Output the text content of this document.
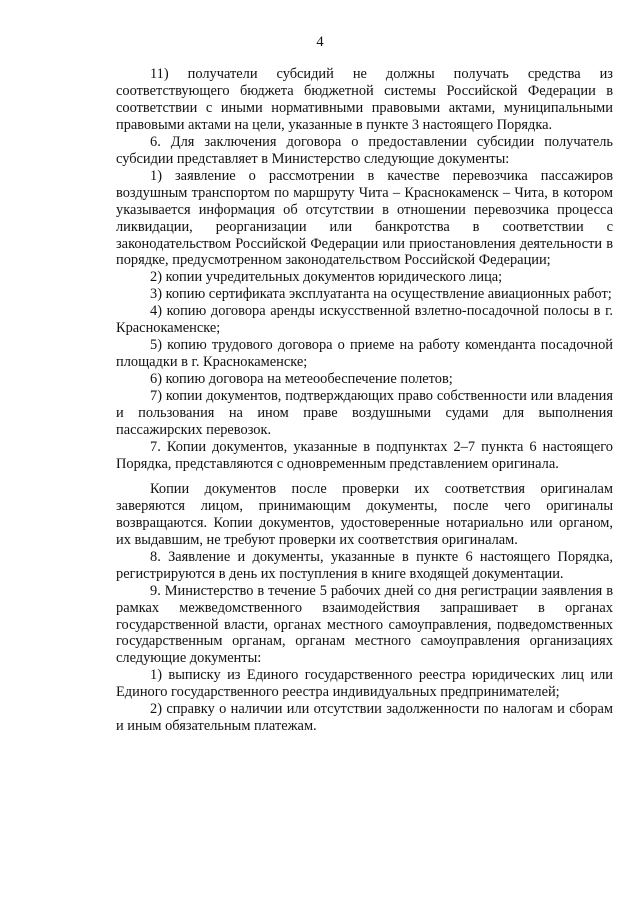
4

11) получатели субсидий не должны получать средства из соответствующего бюджета бюджетной системы Российской Федерации в соответствии с иными нормативными правовыми актами, муниципальными правовыми актами на цели, указанные в пункте 3 настоящего Порядка.

6. Для заключения договора о предоставлении субсидии получатель субсидии представляет в Министерство следующие документы:

1) заявление о рассмотрении в качестве перевозчика пассажиров воздушным транспортом по маршруту Чита – Краснокаменск – Чита, в котором указывается информация об отсутствии в отношении перевозчика процесса ликвидации, реорганизации или банкротства в соответствии с законодательством Российской Федерации или приостановления деятельности в порядке, предусмотренном законодательством Российской Федерации;

2) копии учредительных документов юридического лица;

3) копию сертификата эксплуатанта на осуществление авиационных работ;

4) копию договора аренды искусственной взлетно-посадочной полосы в г. Краснокаменске;

5) копию трудового договора о приеме на работу коменданта посадочной площадки в г. Краснокаменске;

6) копию договора на метеообеспечение полетов;

7) копии документов, подтверждающих право собственности или владения и пользования на ином праве воздушными судами для выполнения пассажирских перевозок.

7. Копии документов, указанные в подпунктах 2–7 пункта 6 настоящего Порядка, представляются с одновременным представлением оригинала.

Копии документов после проверки их соответствия оригиналам заверяются лицом, принимающим документы, после чего оригиналы возвращаются. Копии документов, удостоверенные нотариально или органом, их выдавшим, не требуют проверки их соответствия оригиналам.

8. Заявление и документы, указанные в пункте 6 настоящего Порядка, регистрируются в день их поступления в книге входящей документации.

9. Министерство в течение 5 рабочих дней со дня регистрации заявления в рамках межведомственного взаимодействия запрашивает в органах государственной власти, органах местного самоуправления, подведомственных государственным органам, органам местного самоуправления организациях следующие документы:

1) выписку из Единого государственного реестра юридических лиц или Единого государственного реестра индивидуальных предпринимателей;

2) справку о наличии или отсутствии задолженности по налогам и сборам и иным обязательным платежам.
